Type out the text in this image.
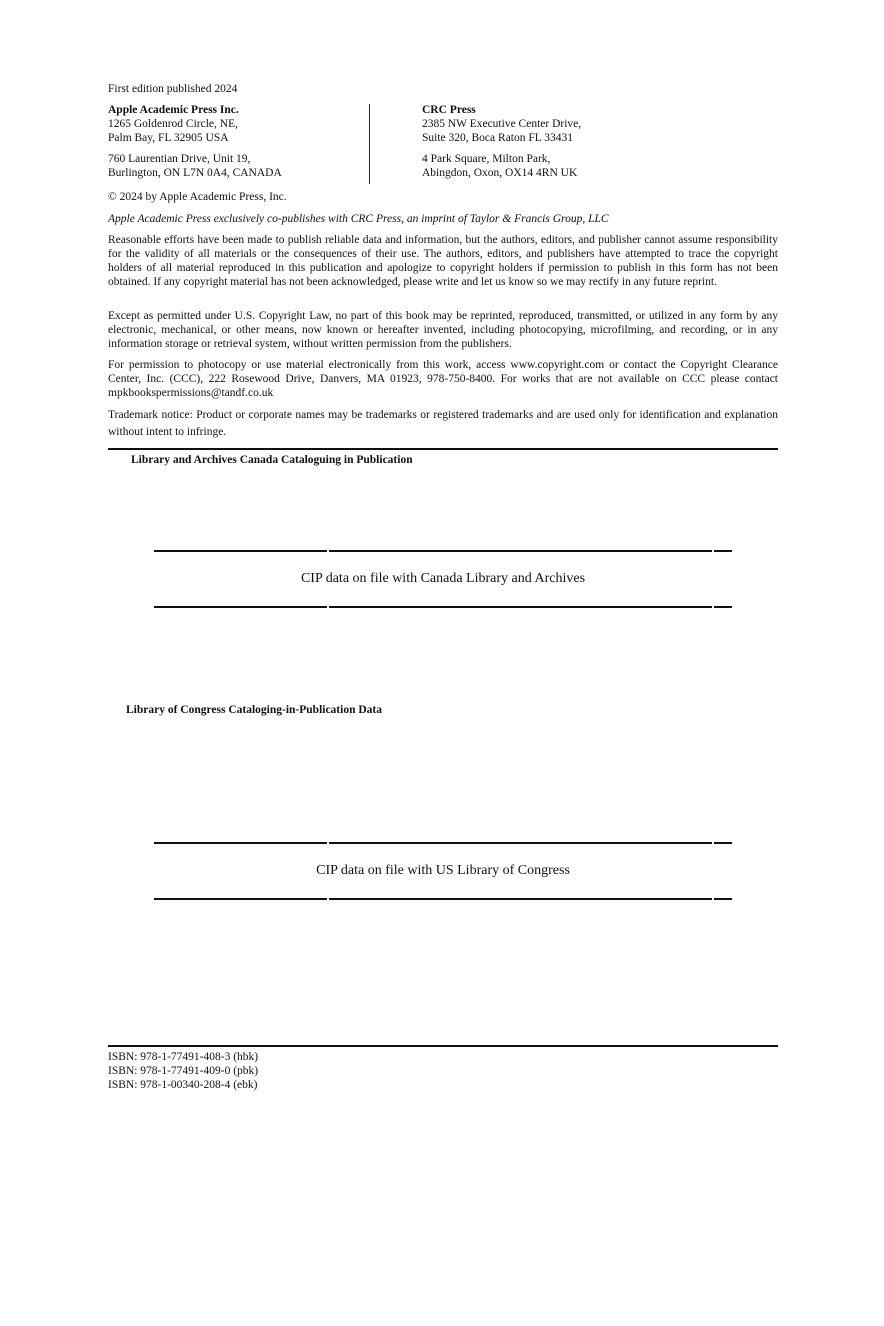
First edition published 2024
Apple Academic Press Inc.
1265 Goldenrod Circle, NE,
Palm Bay, FL 32905 USA
760 Laurentian Drive, Unit 19,
Burlington, ON L7N 0A4, CANADA
CRC Press
2385 NW Executive Center Drive,
Suite 320, Boca Raton FL 33431
4 Park Square, Milton Park,
Abingdon, Oxon, OX14 4RN UK
© 2024 by Apple Academic Press, Inc.
Apple Academic Press exclusively co-publishes with CRC Press, an imprint of Taylor & Francis Group, LLC
Reasonable efforts have been made to publish reliable data and information, but the authors, editors, and publisher cannot assume responsibility for the validity of all materials or the consequences of their use. The authors, editors, and publishers have attempted to trace the copyright holders of all material reproduced in this publication and apologize to copyright holders if permission to publish in this form has not been obtained. If any copyright material has not been acknowledged, please write and let us know so we may rectify in any future reprint.
Except as permitted under U.S. Copyright Law, no part of this book may be reprinted, reproduced, transmitted, or utilized in any form by any electronic, mechanical, or other means, now known or hereafter invented, including photocopying, microfilming, and recording, or in any information storage or retrieval system, without written permission from the publishers.
For permission to photocopy or use material electronically from this work, access www.copyright.com or contact the Copyright Clearance Center, Inc. (CCC), 222 Rosewood Drive, Danvers, MA 01923, 978-750-8400. For works that are not available on CCC please contact mpkbookspermissions@tandf.co.uk
Trademark notice: Product or corporate names may be trademarks or registered trademarks and are used only for identification and explanation without intent to infringe.
Library and Archives Canada Cataloguing in Publication
CIP data on file with Canada Library and Archives
Library of Congress Cataloging-in-Publication Data
CIP data on file with US Library of Congress
ISBN: 978-1-77491-408-3 (hbk)
ISBN: 978-1-77491-409-0 (pbk)
ISBN: 978-1-00340-208-4 (ebk)
